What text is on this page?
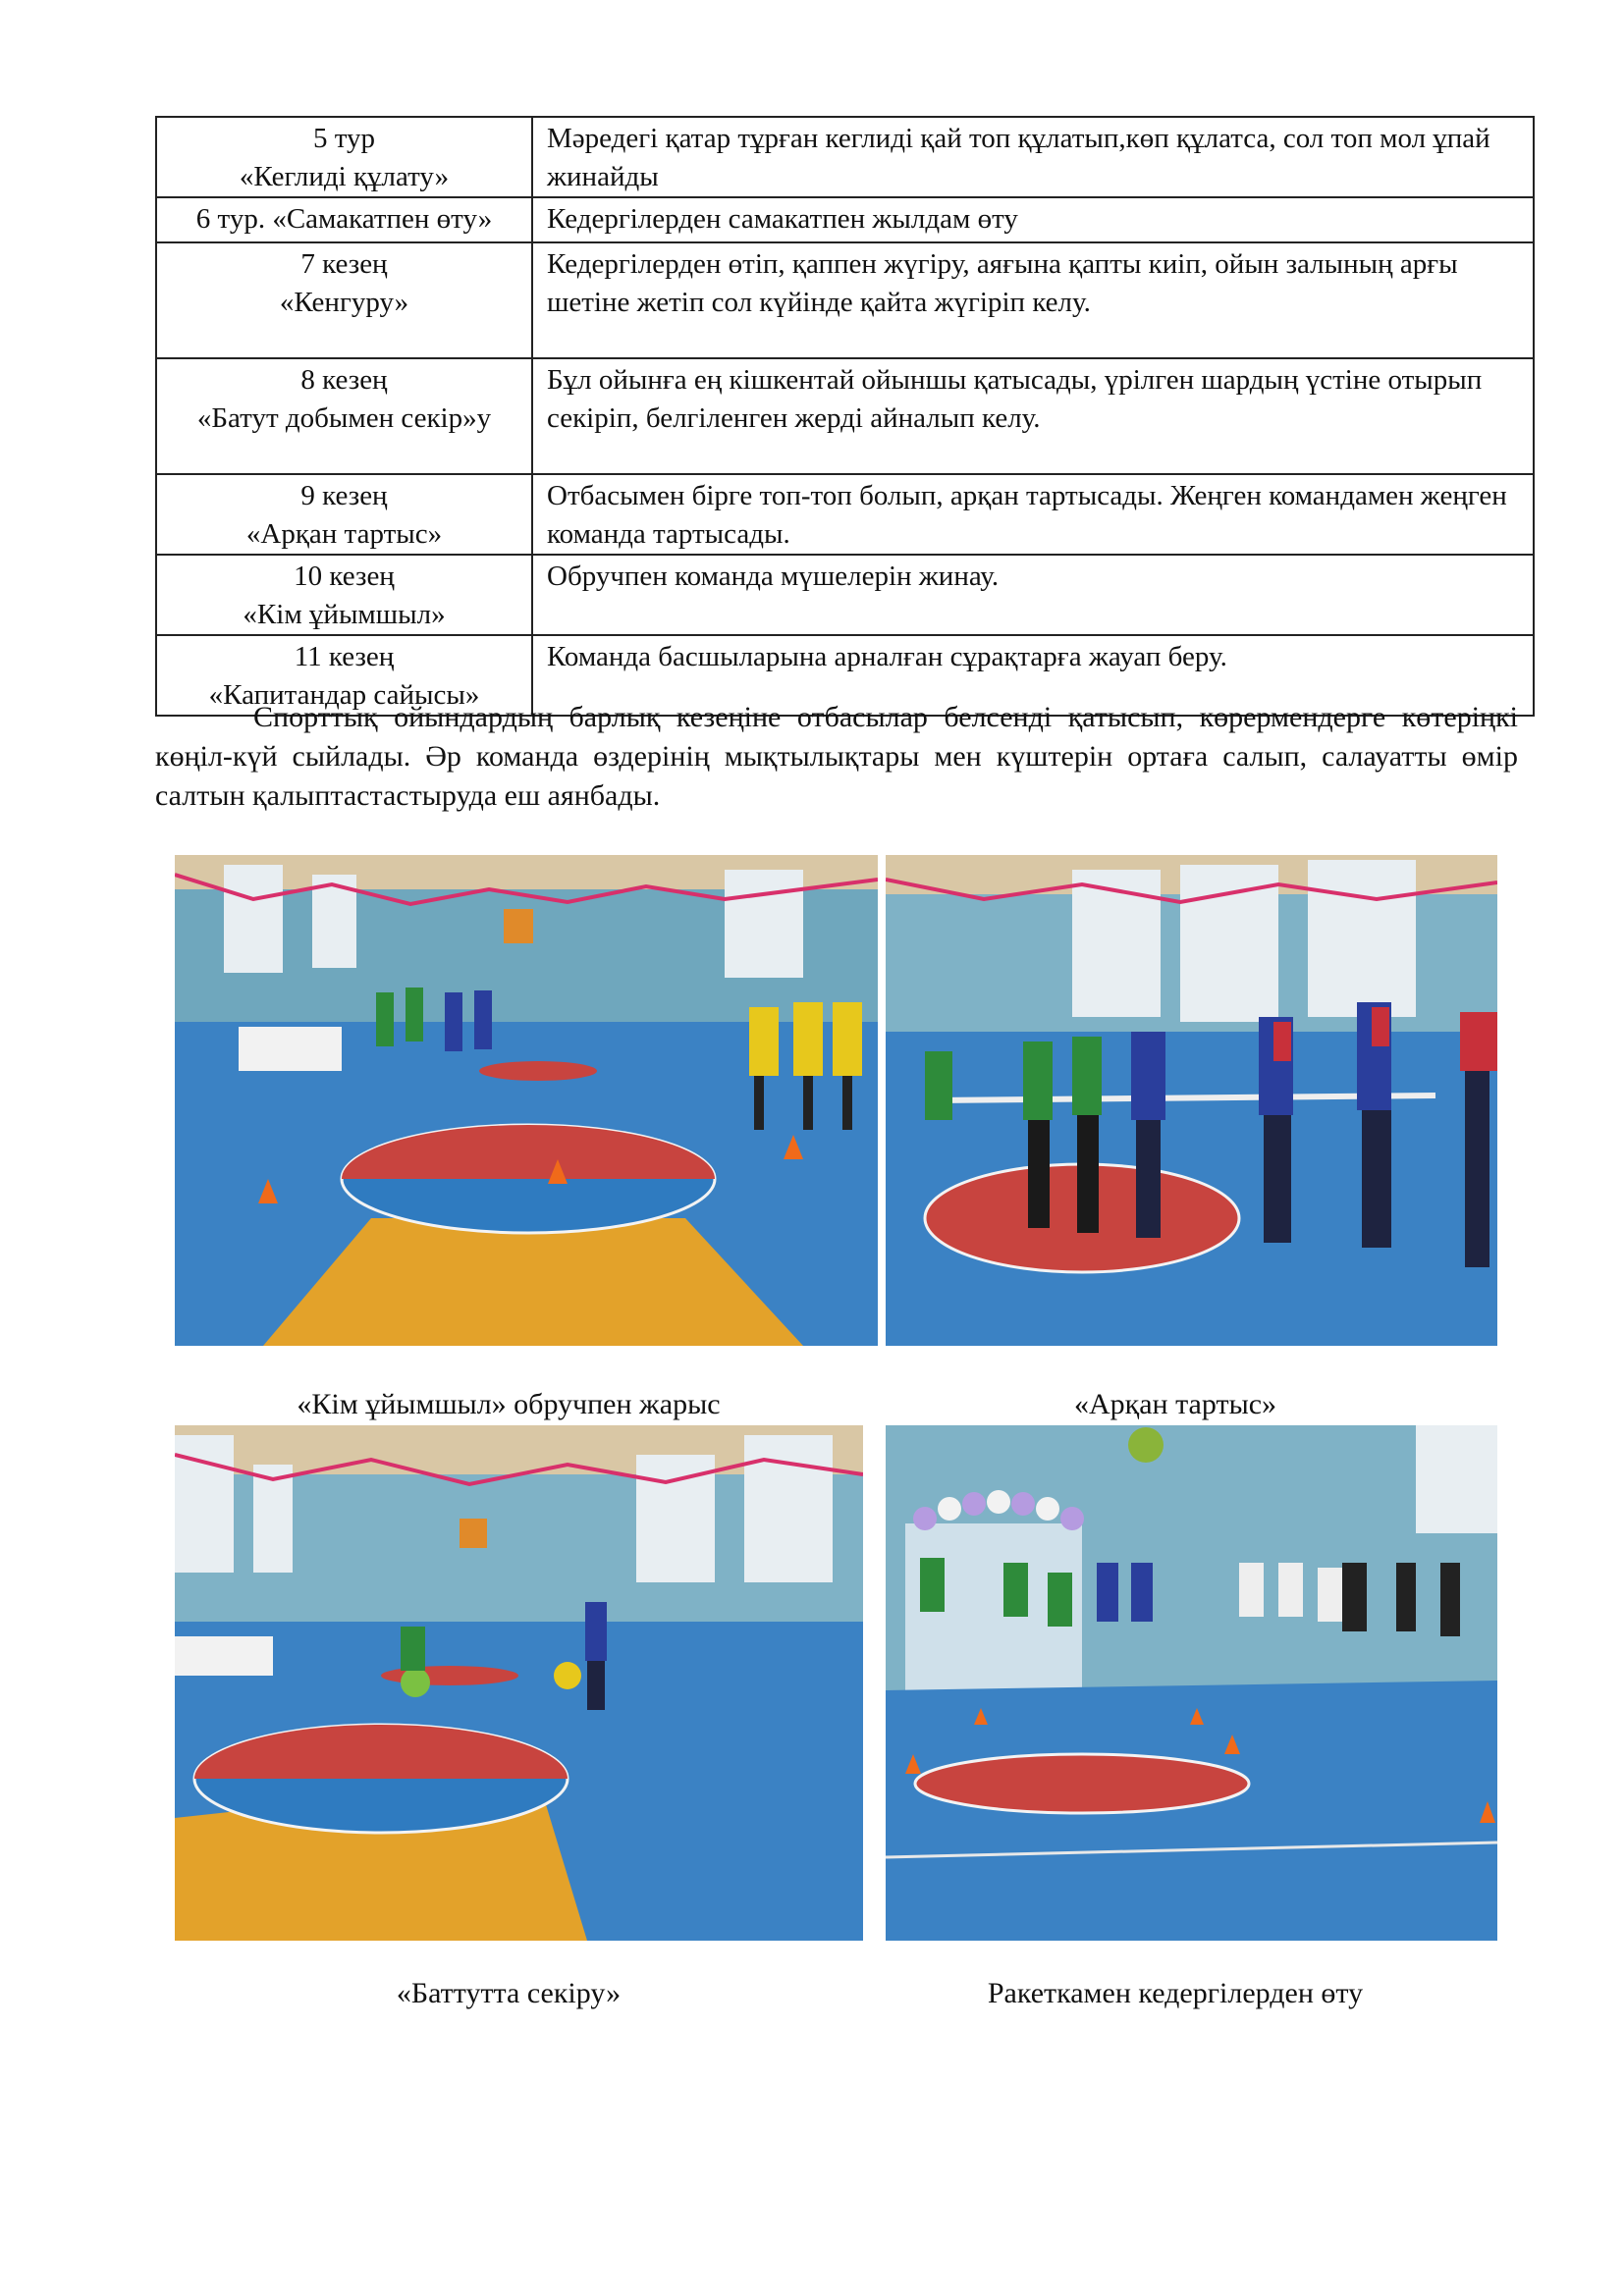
5 тур
«Кеглиді құлату»	Мәредегі қатар тұрған кеглиді қай топ құлатып,көп құлатса, сол топ мол ұпай жинайды
6 тур. «Самакатпен өту»	Кедергілерден самакатпен жылдам өту
7 кезең
«Кенгуру»	Кедергілерден өтіп, қаппен жүгіру, аяғына қапты киіп, ойын залының арғы шетіне жетіп сол күйінде қайта жүгіріп келу.
8 кезең
«Батут добымен секір»у	Бұл ойынға ең кішкентай ойыншы қатысады, үрілген шардың үстіне отырып секіріп, белгіленген жерді айналып келу.
9 кезең
«Арқан тартыс»	Отбасымен бірге топ-топ болып, арқан тартысады. Жеңген командамен жеңген команда тартысады.
10 кезең
«Кім ұйымшыл»	Обручпен команда мүшелерін жинау.
11 кезең
«Капитандар сайысы»	Команда басшыларына арналған сұрақтарға жауап беру.

Спорттық ойындардың барлық кезеңіне отбасылар белсенді қатысып, көрермендерге көтеріңкі көңіл-күй сыйлады. Әр команда өздерінің мықтылықтары мен күштерін ортаға салып, салауатты өмір салтын қалыптастастыруда еш аянбады.

«Кім ұйымшыл» обручпен жарыс	«Арқан тартыс»
«Баттутта секіру»	Ракеткамен кедергілерден өту
